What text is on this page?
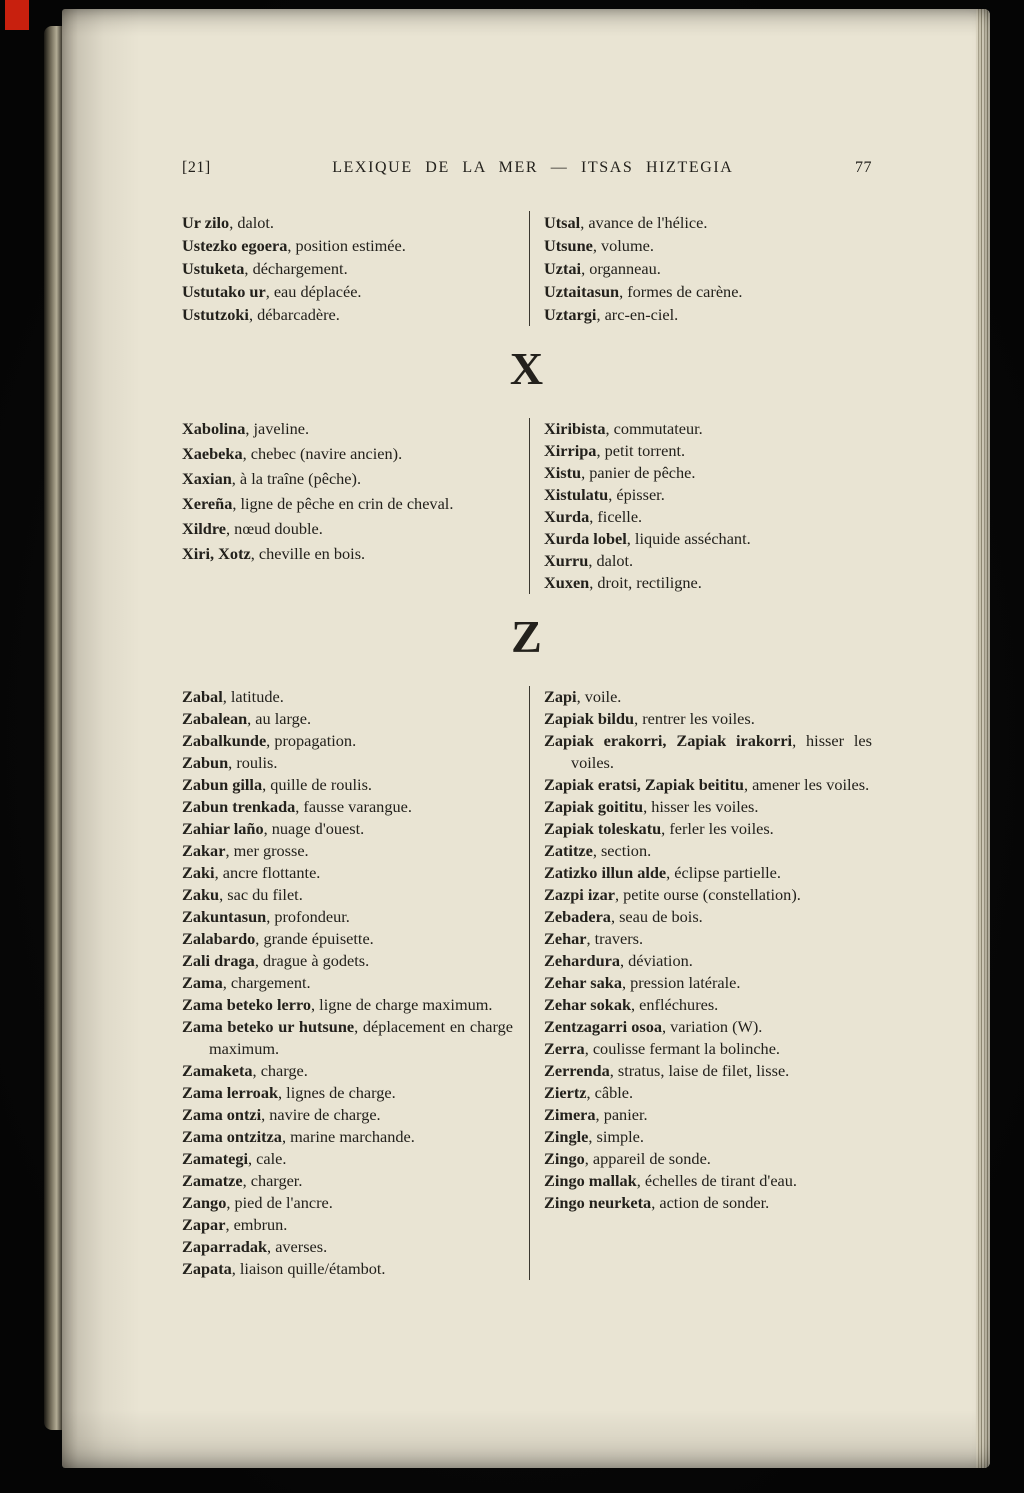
[21]	LEXIQUE DE LA MER — ITSAS HIZTEGIA	77

Ur zilo, dalot.

Ustezko egoera, position estimée.

Ustuketa, déchargement.

Ustutako ur, eau déplacée.

Ustutzoki, débarcadère.

Utsal, avance de l'hélice.

Utsune, volume.

Uztai, organneau.

Uztaitasun, formes de carène.

Uztargi, arc-en-ciel.

X

Xabolina, javeline.

Xaebeka, chebec (navire ancien).

Xaxian, à la traîne (pêche).

Xereña, ligne de pêche en crin de cheval.

Xildre, nœud double.

Xiri, Xotz, cheville en bois.

Xiribista, commutateur.

Xirripa, petit torrent.

Xistu, panier de pêche.

Xistulatu, épisser.

Xurda, ficelle.

Xurda lobel, liquide asséchant.

Xurru, dalot.

Xuxen, droit, rectiligne.

Z

Zabal, latitude.

Zabalean, au large.

Zabalkunde, propagation.

Zabun, roulis.

Zabun gilla, quille de roulis.

Zabun trenkada, fausse varangue.

Zahiar laño, nuage d'ouest.

Zakar, mer grosse.

Zaki, ancre flottante.

Zaku, sac du filet.

Zakuntasun, profondeur.

Zalabardo, grande épuisette.

Zali draga, drague à godets.

Zama, chargement.

Zama beteko lerro, ligne de charge maximum.

Zama beteko ur hutsune, déplacement en charge maximum.

Zamaketa, charge.

Zama lerroak, lignes de charge.

Zama ontzi, navire de charge.

Zama ontzitza, marine marchande.

Zamategi, cale.

Zamatze, charger.

Zango, pied de l'ancre.

Zapar, embrun.

Zaparradak, averses.

Zapata, liaison quille/étambot.

Zapi, voile.

Zapiak bildu, rentrer les voiles.

Zapiak erakorri, Zapiak irakorri, hisser les voiles.

Zapiak eratsi, Zapiak beititu, amener les voiles.

Zapiak goititu, hisser les voiles.

Zapiak toleskatu, ferler les voiles.

Zatitze, section.

Zatizko illun alde, éclipse partielle.

Zazpi izar, petite ourse (constellation).

Zebadera, seau de bois.

Zehar, travers.

Zehardura, déviation.

Zehar saka, pression latérale.

Zehar sokak, enfléchures.

Zentzagarri osoa, variation (W).

Zerra, coulisse fermant la bolinche.

Zerrenda, stratus, laise de filet, lisse.

Ziertz, câble.

Zimera, panier.

Zingle, simple.

Zingo, appareil de sonde.

Zingo mallak, échelles de tirant d'eau.

Zingo neurketa, action de sonder.
